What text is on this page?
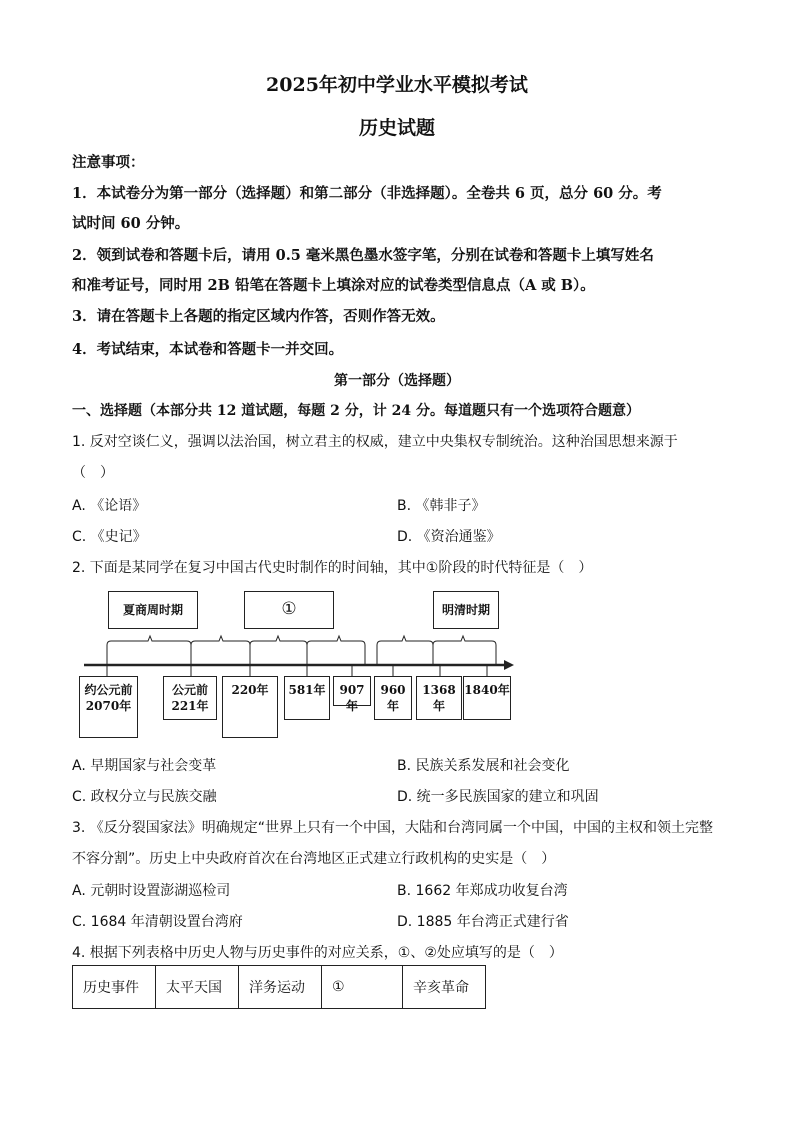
2025年初中学业水平模拟考试
历史试题
注意事项：
1．本试卷分为第一部分（选择题）和第二部分（非选择题）。全卷共 6 页，总分 60 分。考
试时间 60 分钟。
2．领到试卷和答题卡后，请用 0.5 毫米黑色墨水签字笔，分别在试卷和答题卡上填写姓名
和准考证号，同时用 2B 铅笔在答题卡上填涂对应的试卷类型信息点（A 或 B）。
3．请在答题卡上各题的指定区域内作答，否则作答无效。
4．考试结束，本试卷和答题卡一并交回。
第一部分（选择题）
一、选择题（本部分共 12 道试题，每题 2 分，计 24 分。每道题只有一个选项符合题意）
1. 反对空谈仁义，强调以法治国，树立君主的权威，建立中央集权专制统治。这种治国思想来源于
（　）
A. 《论语》	B. 《韩非子》
C. 《史记》	D. 《资治通鉴》
2. 下面是某同学在复习中国古代史时制作的时间轴，其中①阶段的时代特征是（　）
夏商周时期	①	明清时期
约公元前
2070年
公元前
221年
220年	581年	907年
960年
1368年
1840年
A. 早期国家与社会变革	B. 民族关系发展和社会变化
C. 政权分立与民族交融	D. 统一多民族国家的建立和巩固
3. 《反分裂国家法》明确规定“世界上只有一个中国，大陆和台湾同属一个中国，中国的主权和领土完整
不容分割”。历史上中央政府首次在台湾地区正式建立行政机构的史实是（　）
A. 元朝时设置澎湖巡检司	B. 1662 年郑成功收复台湾
C. 1684 年清朝设置台湾府	D. 1885 年台湾正式建行省
4. 根据下列表格中历史人物与历史事件的对应关系，①、②处应填写的是（　）
历史事件	太平天国	洋务运动	①	辛亥革命
